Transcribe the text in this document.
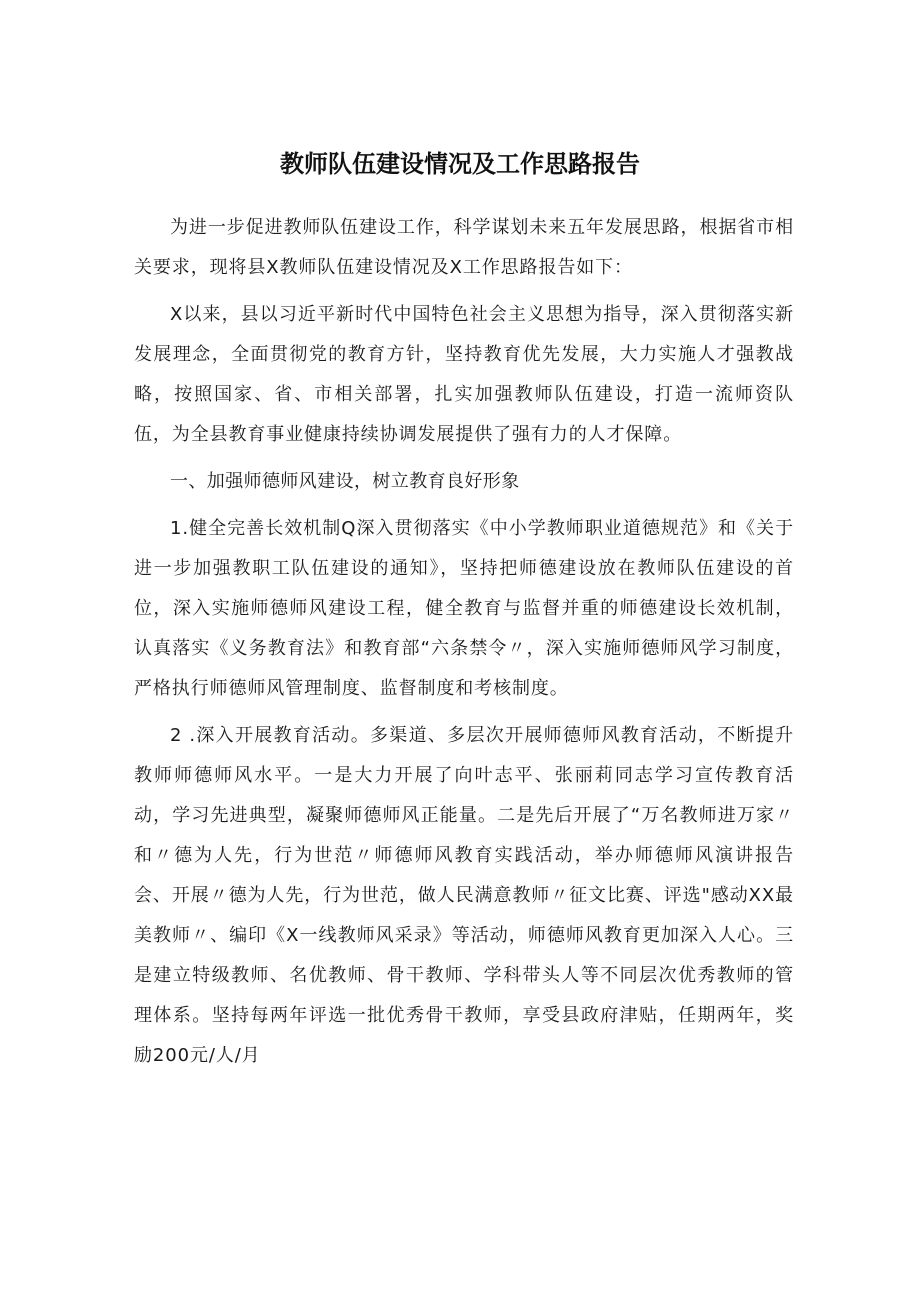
教师队伍建设情况及工作思路报告

为进一步促进教师队伍建设工作，科学谋划未来五年发展思路，根据省市相关要求，现将县X教师队伍建设情况及X工作思路报告如下：

X以来，县以习近平新时代中国特色社会主义思想为指导，深入贯彻落实新发展理念，全面贯彻党的教育方针，坚持教育优先发展，大力实施人才强教战略，按照国家、省、市相关部署，扎实加强教师队伍建设，打造一流师资队伍，为全县教育事业健康持续协调发展提供了强有力的人才保障。

一、加强师德师风建设，树立教育良好形象

1.健全完善长效机制Q深入贯彻落实《中小学教师职业道德规范》和《关于进一步加强教职工队伍建设的通知》，坚持把师德建设放在教师队伍建设的首位，深入实施师德师风建设工程，健全教育与监督并重的师德建设长效机制，认真落实《义务教育法》和教育部“六条禁令〃，深入实施师德师风学习制度，严格执行师德师风管理制度、监督制度和考核制度。

2 .深入开展教育活动。多渠道、多层次开展师德师风教育活动，不断提升教师师德师风水平。一是大力开展了向叶志平、张丽莉同志学习宣传教育活动，学习先进典型，凝聚师德师风正能量。二是先后开展了“万名教师进万家〃和〃德为人先，行为世范〃师德师风教育实践活动，举办师德师风演讲报告会、开展〃德为人先，行为世范，做人民满意教师〃征文比赛、评选"感动XX最美教师〃、编印《X一线教师风采录》等活动，师德师风教育更加深入人心。三是建立特级教师、名优教师、骨干教师、学科带头人等不同层次优秀教师的管理体系。坚持每两年评选一批优秀骨干教师，享受县政府津贴，任期两年，奖励200元/人/月
